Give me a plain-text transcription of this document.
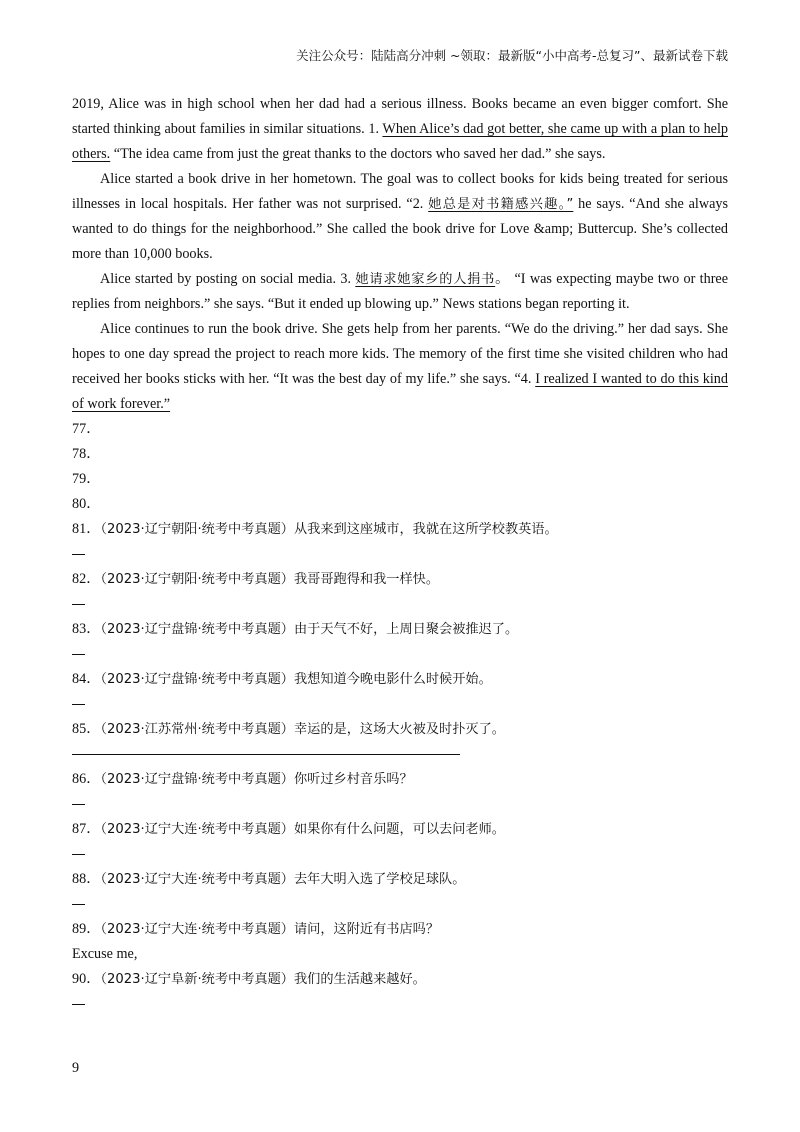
关注公众号：陆陆高分冲刺 ~领取：最新版“小中高考-总复习”、最新试卷下载

2019, Alice was in high school when her dad had a serious illness. Books became an even bigger comfort. She started thinking about families in similar situations. 1. When Alice’s dad got better, she came up with a plan to help others. “The idea came from just the great thanks to the doctors who saved her dad.” she says.

Alice started a book drive in her hometown. The goal was to collect books for kids being treated for serious illnesses in local hospitals. Her father was not surprised. “2. 她总是对书籍感兴趣。” he says. “And she always wanted to do things for the neighborhood.” She called the book drive for Love &amp; Buttercup. She’s collected more than 10,000 books.

Alice started by posting on social media. 3. 她请求她家乡的人捐书。 “I was expecting maybe two or three replies from neighbors.” she says. “But it ended up blowing up.” News stations began reporting it.

Alice continues to run the book drive. She gets help from her parents. “We do the driving.” her dad says. She hopes to one day spread the project to reach more kids. The memory of the first time she visited children who had received her books sticks with her. “It was the best day of my life.” she says. “4. I realized I wanted to do this kind of work forever.”

77．

78．

79．

80．

81．（2023·辽宁朝阳·统考中考真题）从我来到这座城市，我就在这所学校教英语。

82．（2023·辽宁朝阳·统考中考真题）我哥哥跑得和我一样快。

83．（2023·辽宁盘锦·统考中考真题）由于天气不好，上周日聚会被推迟了。

84．（2023·辽宁盘锦·统考中考真题）我想知道今晚电影什么时候开始。

85．（2023·江苏常州·统考中考真题）幸运的是，这场大火被及时扑灭了。

86．（2023·辽宁盘锦·统考中考真题）你听过乡村音乐吗？

87．（2023·辽宁大连·统考中考真题）如果你有什么问题，可以去问老师。

88．（2023·辽宁大连·统考中考真题）去年大明入选了学校足球队。

89．（2023·辽宁大连·统考中考真题）请问，这附近有书店吗？

Excuse me,

90．（2023·辽宁阜新·统考中考真题）我们的生活越来越好。

9
